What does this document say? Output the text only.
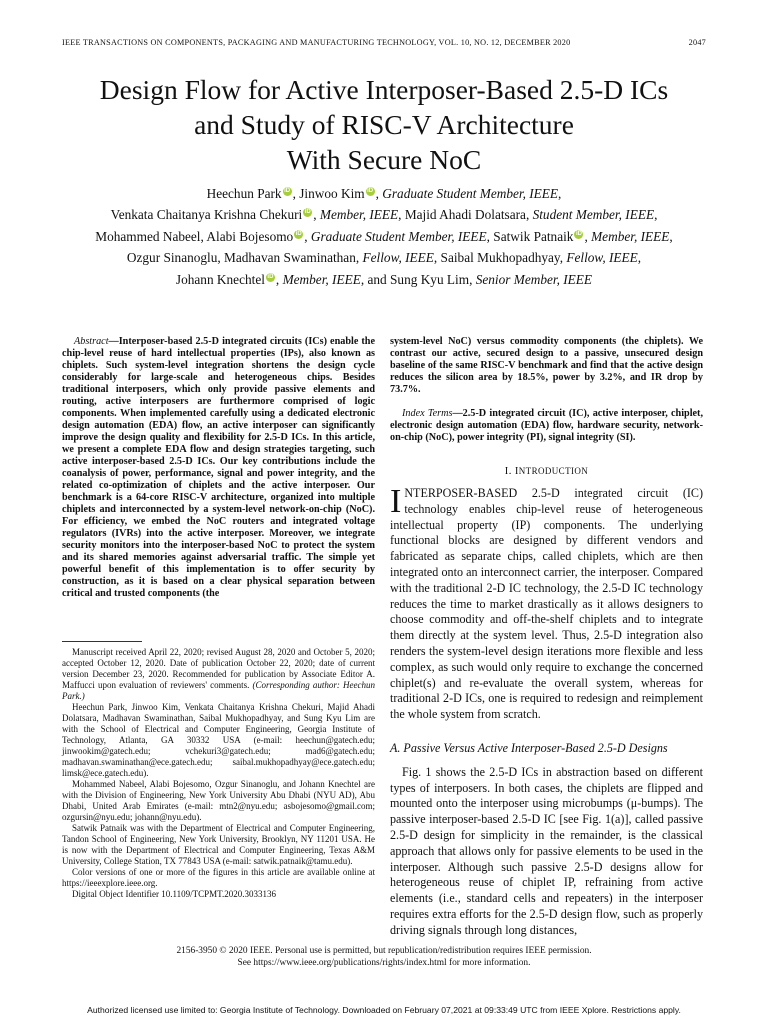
IEEE TRANSACTIONS ON COMPONENTS, PACKAGING AND MANUFACTURING TECHNOLOGY, VOL. 10, NO. 12, DECEMBER 2020	2047
Design Flow for Active Interposer-Based 2.5-D ICs
and Study of RISC-V Architecture
With Secure NoC
Heechun Park iD , Jinwoo Kim iD , Graduate Student Member, IEEE,
Venkata Chaitanya Krishna Chekuri iD , Member, IEEE, Majid Ahadi Dolatsara, Student Member, IEEE,
Mohammed Nabeel, Alabi Bojesomo iD , Graduate Student Member, IEEE, Satwik Patnaik iD , Member, IEEE,
Ozgur Sinanoglu, Madhavan Swaminathan, Fellow, IEEE, Saibal Mukhopadhyay, Fellow, IEEE,
Johann Knechtel iD , Member, IEEE, and Sung Kyu Lim, Senior Member, IEEE

Abstract—Interposer-based 2.5-D integrated circuits (ICs) enable the chip-level reuse of hard intellectual properties (IPs), also known as chiplets. Such system-level integration shortens the design cycle considerably for large-scale and heterogeneous chips. Besides traditional interposers, which only provide passive elements and routing, active interposers are furthermore comprised of logic components. When implemented carefully using a dedicated electronic design automation (EDA) flow, an active interposer can significantly improve the design quality and flexibility for 2.5-D ICs. In this article, we present a complete EDA flow and design strategies targeting, such active interposer-based 2.5-D ICs. Our key contributions include the coanalysis of power, performance, signal and power integrity, and the related co-optimization of chiplets and the active interposer. Our benchmark is a 64-core RISC-V architecture, organized into multiple chiplets and interconnected by a system-level network-on-chip (NoC). For efficiency, we embed the NoC routers and integrated voltage regulators (IVRs) into the active interposer. Moreover, we integrate security monitors into the interposer-based NoC to protect the system and its shared memories against adversarial traffic. The simple yet powerful benefit of this implementation is to offer security by construction, as it is based on a clear physical separation between critical and trusted components (the

Manuscript received April 22, 2020; revised August 28, 2020 and October 5, 2020; accepted October 12, 2020. Date of publication October 22, 2020; date of current version December 23, 2020. Recommended for publication by Associate Editor A. Maffucci upon evaluation of reviewers' comments. (Corresponding author: Heechun Park.)

Heechun Park, Jinwoo Kim, Venkata Chaitanya Krishna Chekuri, Majid Ahadi Dolatsara, Madhavan Swaminathan, Saibal Mukhopadhyay, and Sung Kyu Lim are with the School of Electrical and Computer Engineering, Georgia Institute of Technology, Atlanta, GA 30332 USA (e-mail: heechun@gatech.edu; jinwookim@gatech.edu; vchekuri3@gatech.edu; mad6@gatech.edu; madhavan.swaminathan@ece.gatech.edu; saibal.mukhopadhyay@ece.gatech.edu; limsk@ece.gatech.edu).

Mohammed Nabeel, Alabi Bojesomo, Ozgur Sinanoglu, and Johann Knechtel are with the Division of Engineering, New York University Abu Dhabi (NYU AD), Abu Dhabi, United Arab Emirates (e-mail: mtn2@nyu.edu; asbojesomo@gmail.com; ozgursin@nyu.edu; johann@nyu.edu).

Satwik Patnaik was with the Department of Electrical and Computer Engineering, Tandon School of Engineering, New York University, Brooklyn, NY 11201 USA. He is now with the Department of Electrical and Computer Engineering, Texas A&M University, College Station, TX 77843 USA (e-mail: satwik.patnaik@tamu.edu).

Color versions of one or more of the figures in this article are available online at https://ieeexplore.ieee.org.

Digital Object Identifier 10.1109/TCPMT.2020.3033136

system-level NoC) versus commodity components (the chiplets). We contrast our active, secured design to a passive, unsecured design baseline of the same RISC-V benchmark and find that the active design reduces the silicon area by 18.5%, power by 3.2%, and IR drop by 73.7%.

Index Terms—2.5-D integrated circuit (IC), active interposer, chiplet, electronic design automation (EDA) flow, hardware security, network-on-chip (NoC), power integrity (PI), signal integrity (SI).
I. INTRODUCTION

INTERPOSER-BASED 2.5-D integrated circuit (IC) technology enables chip-level reuse of heterogeneous intellectual property (IP) components. The underlying functional blocks are designed by different vendors and fabricated as separate chips, called chiplets, which are then integrated onto an interconnect carrier, the interposer. Compared with the traditional 2-D IC technology, the 2.5-D IC technology reduces the time to market drastically as it allows designers to choose commodity and off-the-shelf chiplets and to integrate them directly at the system level. Thus, 2.5-D integration also renders the system-level design iterations more flexible and less complex, as such would only require to exchange the concerned chiplet(s) and re-evaluate the overall system, whereas for traditional 2-D ICs, one is required to redesign and reimplement the whole system from scratch.

A. Passive Versus Active Interposer-Based 2.5-D Designs

Fig. 1 shows the 2.5-D ICs in abstraction based on different types of interposers. In both cases, the chiplets are flipped and mounted onto the interposer using microbumps (μ-bumps). The passive interposer-based 2.5-D IC [see Fig. 1(a)], called passive 2.5-D design for simplicity in the remainder, is the classical approach that allows only for passive elements to be used in the interposer. Although such passive 2.5-D designs allow for heterogeneous reuse of chiplet IP, refraining from active elements (i.e., standard cells and repeaters) in the interposer requires extra efforts for the 2.5-D design flow, such as properly driving signals through long distances,

2156-3950 © 2020 IEEE. Personal use is permitted, but republication/redistribution requires IEEE permission.
See https://www.ieee.org/publications/rights/index.html for more information.
Authorized licensed use limited to: Georgia Institute of Technology. Downloaded on February 07,2021 at 09:33:49 UTC from IEEE Xplore. Restrictions apply.
